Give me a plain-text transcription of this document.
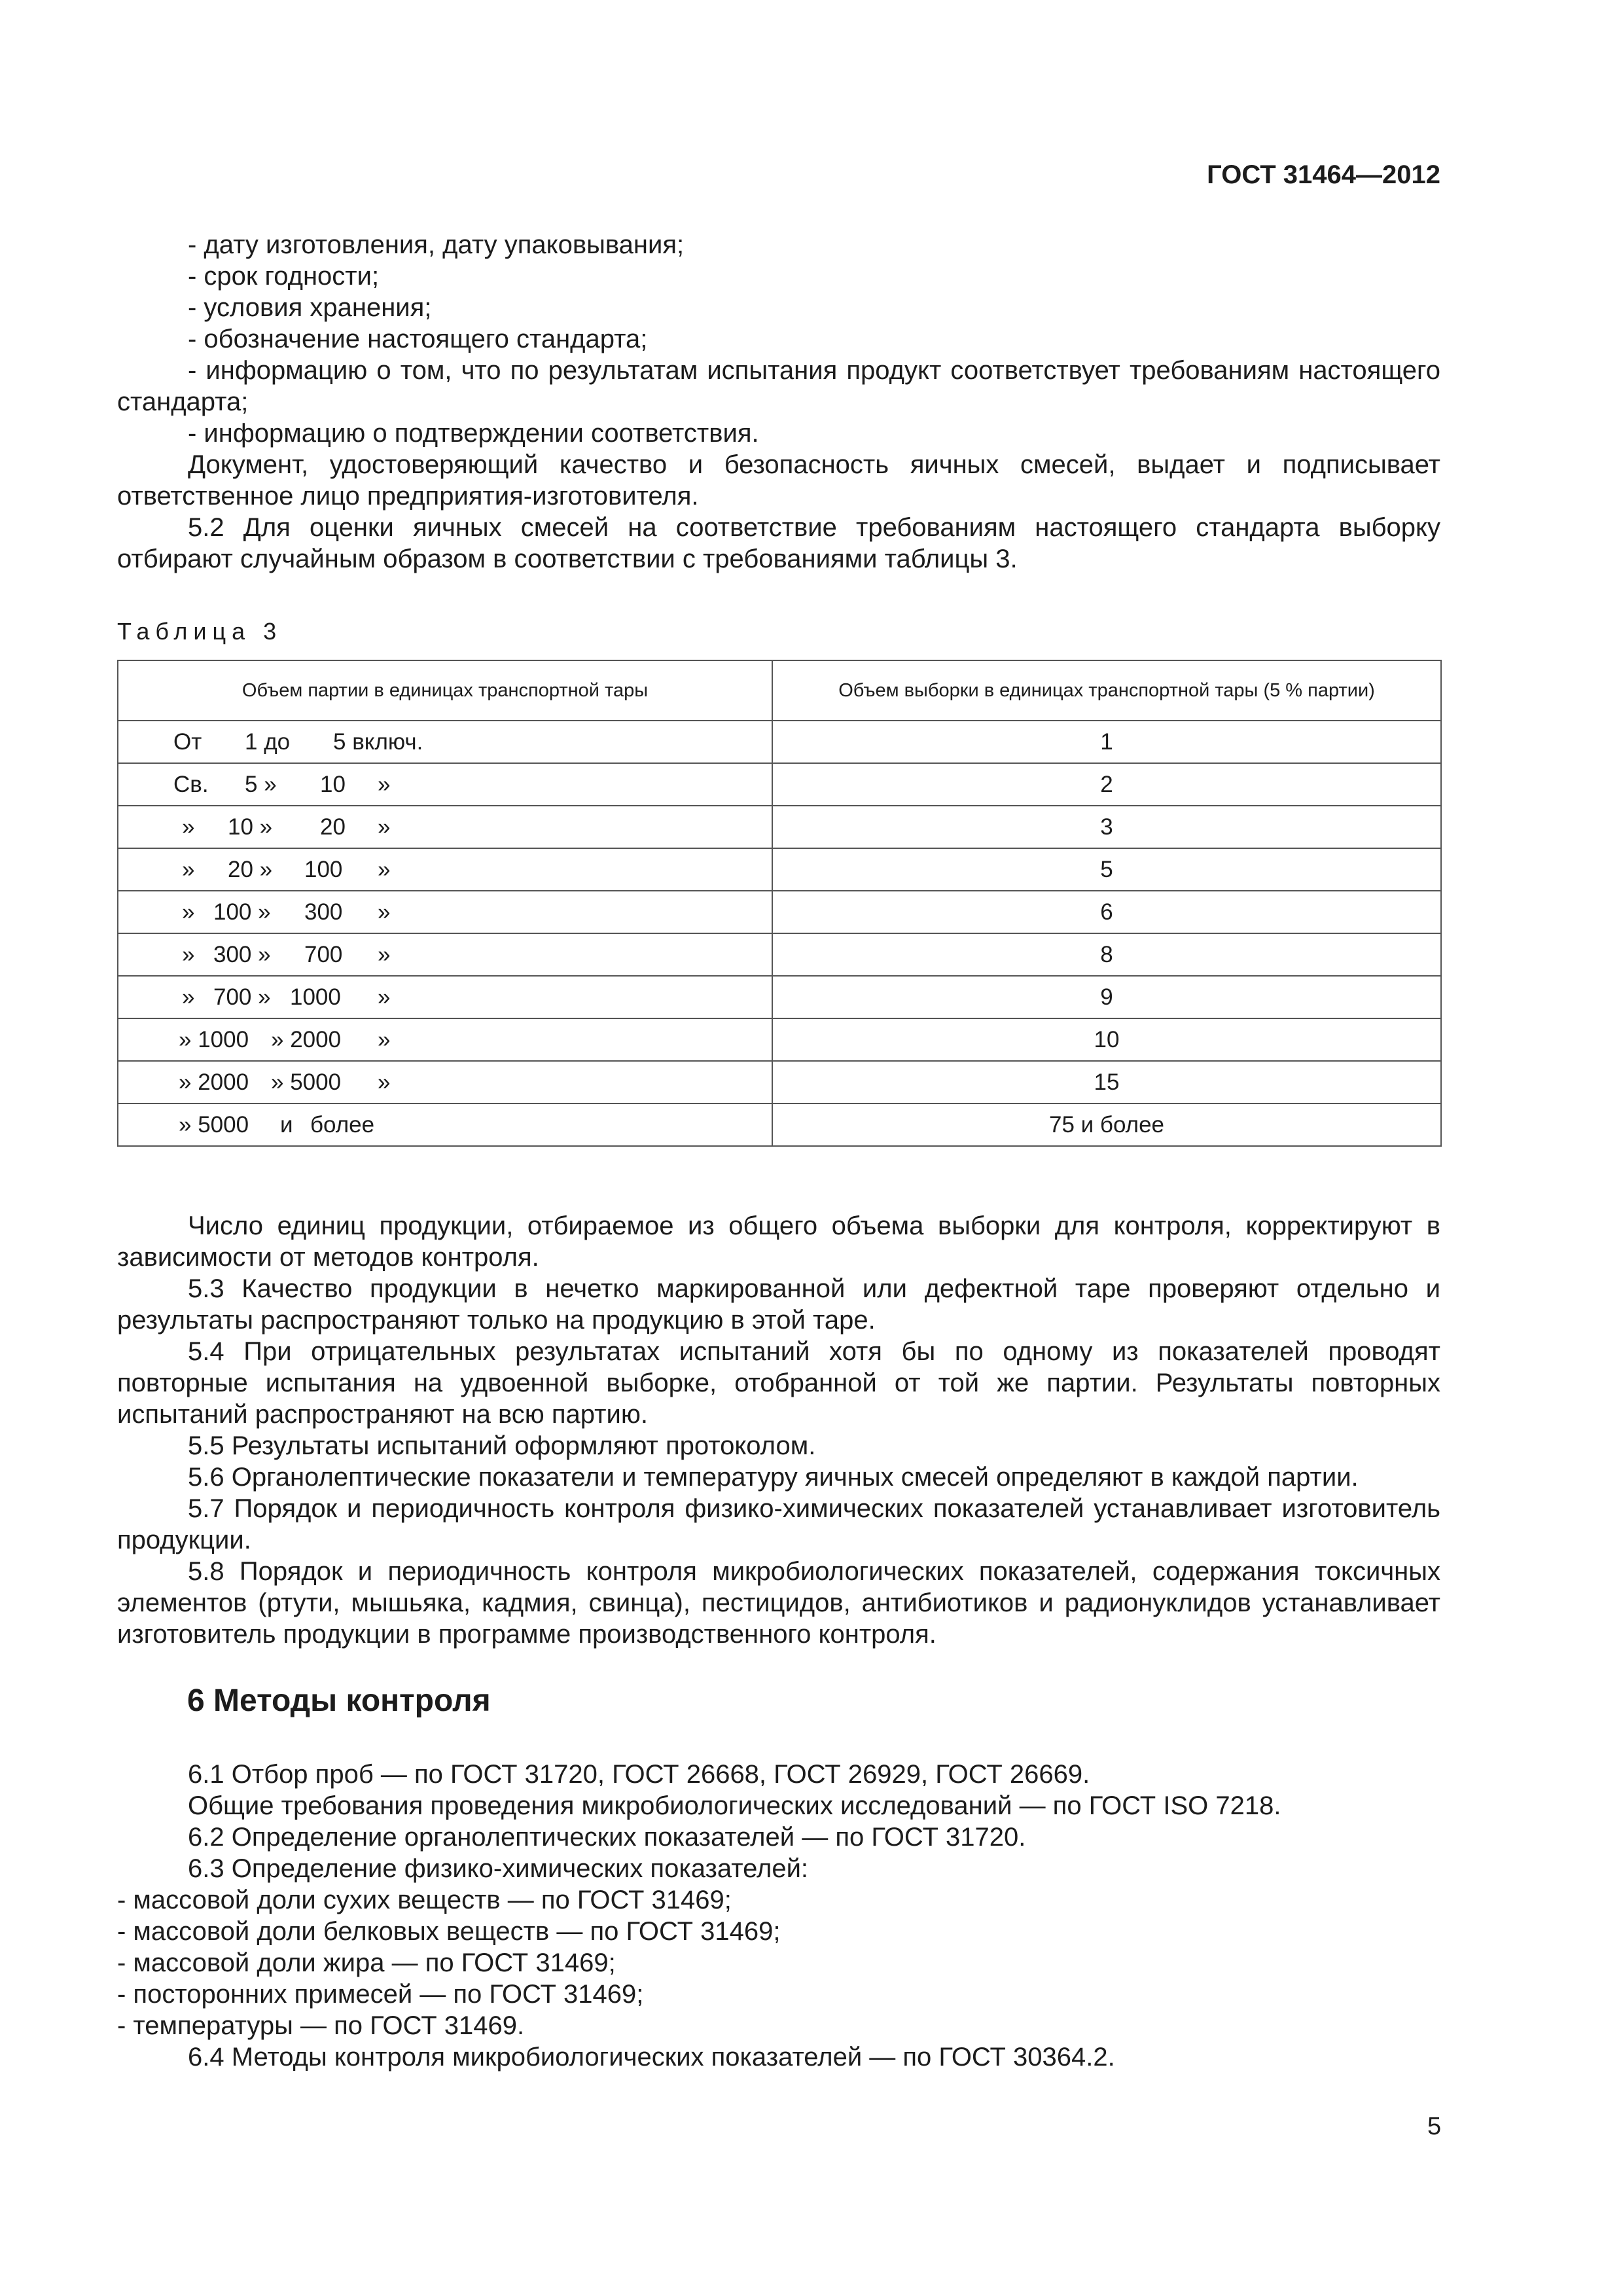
ГОСТ 31464—2012
- дату изготовления, дату упаковывания;
- срок годности;
- условия хранения;
- обозначение настоящего стандарта;

- информацию о том, что по результатам испытания продукт соответствует требованиям настоящего стандарта;

- информацию о подтверждении соответствия.

Документ, удостоверяющий качество и безопасность яичных смесей, выдает и подписывает ответственное лицо предприятия-изготовителя.

5.2 Для оценки яичных смесей на соответствие требованиям настоящего стандарта выборку отбирают случайным образом в соответствии с требованиями таблицы 3.

Таблица 3
Объем партии в единицах транспортной тары	Объем выборки в единицах транспортной тары (5 % партии)

От 1 до 5 включ.	1

Св. 5 » 10 »	2

» 10 » 20 »	3

» 20 » 100 »	5

» 100 » 300 »	6

» 300 » 700 »	8

» 700 » 1000 »	9

» 1000 » 2000 »	10

» 2000 » 5000 »	15

» 5000 и более	75 и более

Число единиц продукции, отбираемое из общего объема выборки для контроля, корректируют в зависимости от методов контроля.

5.3 Качество продукции в нечетко маркированной или дефектной таре проверяют отдельно и результаты распространяют только на продукцию в этой таре.

5.4 При отрицательных результатах испытаний хотя бы по одному из показателей проводят повторные испытания на удвоенной выборке, отобранной от той же партии. Результаты повторных испытаний распространяют на всю партию.

5.5 Результаты испытаний оформляют протоколом.

5.6 Органолептические показатели и температуру яичных смесей определяют в каждой партии.

5.7 Порядок и периодичность контроля физико-химических показателей устанавливает изготовитель продукции.

5.8 Порядок и периодичность контроля микробиологических показателей, содержания токсичных элементов (ртути, мышьяка, кадмия, свинца), пестицидов, антибиотиков и радионуклидов устанавливает изготовитель продукции в программе производственного контроля.

6 Методы контроля
6.1 Отбор проб — по ГОСТ 31720, ГОСТ 26668, ГОСТ 26929, ГОСТ 26669.
Общие требования проведения микробиологических исследований — по ГОСТ ISO 7218.
6.2 Определение органолептических показателей — по ГОСТ 31720.
6.3 Определение физико-химических показателей:
- массовой доли сухих веществ — по ГОСТ 31469;
- массовой доли белковых веществ — по ГОСТ 31469;
- массовой доли жира — по ГОСТ 31469;
- посторонних примесей — по ГОСТ 31469;
- температуры — по ГОСТ 31469.
6.4 Методы контроля микробиологических показателей — по ГОСТ 30364.2.
5
